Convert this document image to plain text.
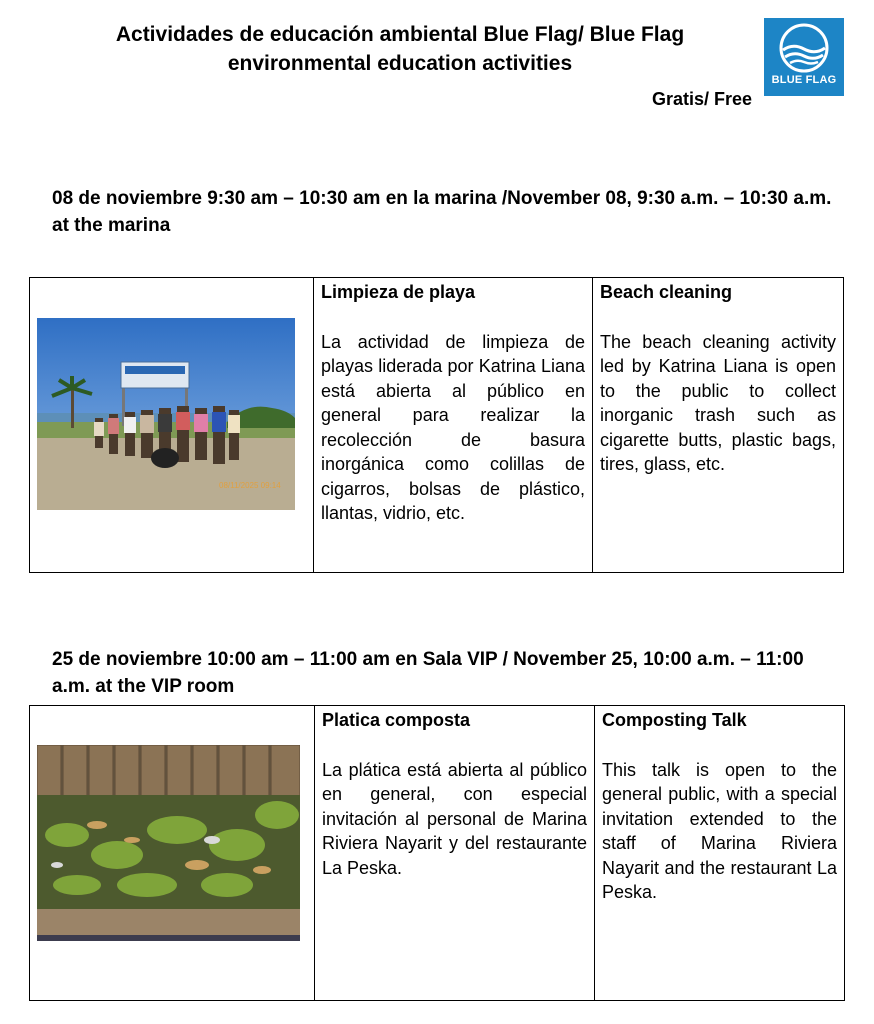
Actividades de educación ambiental Blue Flag/ Blue Flag
environmental education activities
BLUE FLAG
Gratis/ Free
08 de noviembre 9:30 am – 10:30 am en la marina /November 08, 9:30 a.m. – 10:30 a.m. at the marina
08/11/2025 09:14

Limpieza de playa
La actividad de limpieza de playas liderada por Katrina Liana está abierta al público en general para realizar la recolección de basura inorgánica como colillas de cigarros, bolsas de plástico, llantas, vidrio, etc.

Beach cleaning
The beach cleaning activity led by Katrina Liana is open to the public to collect inorganic trash such as cigarette butts, plastic bags, tires, glass, etc.
25 de noviembre 10:00 am – 11:00 am en Sala VIP / November 25, 10:00 a.m. – 11:00 a.m. at the VIP room

Platica composta
La plática está abierta al público en general, con especial invitación al personal de Marina Riviera Nayarit y del restaurante La Peska.

Composting Talk
This talk is open to the general public, with a special invitation extended to the staff of Marina Riviera Nayarit and the restaurant La Peska.
